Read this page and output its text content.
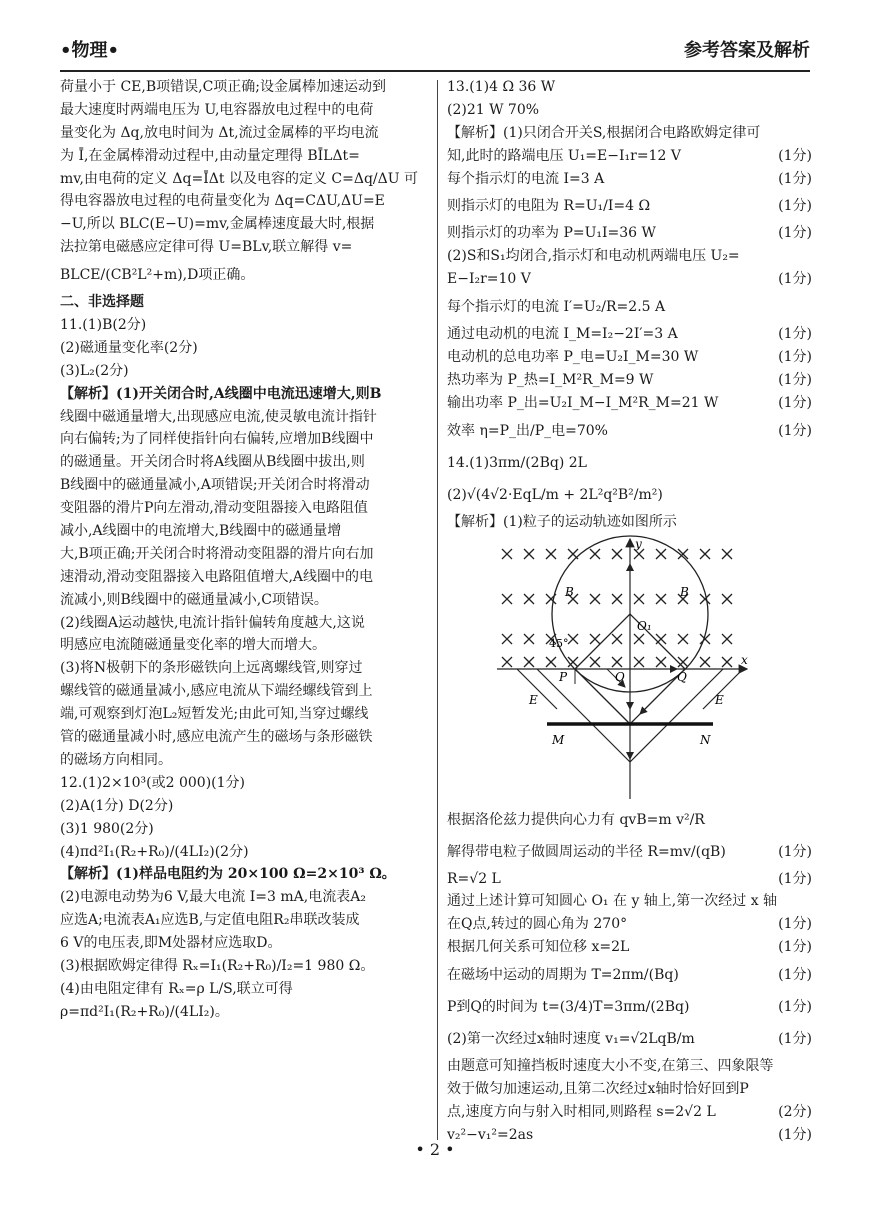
•物理•	参考答案及解析
荷量小于 CE,B项错误,C项正确;设金属棒加速运动到
最大速度时两端电压为 U,电容器放电过程中的电荷
量变化为 Δq,放电时间为 Δt,流过金属棒的平均电流
为 Ī,在金属棒滑动过程中,由动量定理得 BĪLΔt=
mv,由电荷的定义 Δq=ĪΔt 以及电容的定义 C=Δq/ΔU 可
得电容器放电过程的电荷量变化为 Δq=CΔU,ΔU=E
−U,所以 BLC(E−U)=mv,金属棒速度最大时,根据
法拉第电磁感应定律可得 U=BLv,联立解得 v=
BLCE/(CB²L²+m),D项正确。
二、非选择题
11.(1)B(2分)
(2)磁通量变化率(2分)
(3)L₂(2分)
【解析】(1)开关闭合时,A线圈中电流迅速增大,则B
线圈中磁通量增大,出现感应电流,使灵敏电流计指针
向右偏转;为了同样使指针向右偏转,应增加B线圈中
的磁通量。开关闭合时将A线圈从B线圈中拔出,则
B线圈中的磁通量减小,A项错误;开关闭合时将滑动
变阻器的滑片P向左滑动,滑动变阻器接入电路阻值
减小,A线圈中的电流增大,B线圈中的磁通量增
大,B项正确;开关闭合时将滑动变阻器的滑片向右加
速滑动,滑动变阻器接入电路阻值增大,A线圈中的电
流减小,则B线圈中的磁通量减小,C项错误。
(2)线圈A运动越快,电流计指针偏转角度越大,这说
明感应电流随磁通量变化率的增大而增大。
(3)将N极朝下的条形磁铁向上远离螺线管,则穿过
螺线管的磁通量减小,感应电流从下端经螺线管到上
端,可观察到灯泡L₂短暂发光;由此可知,当穿过螺线
管的磁通量减小时,感应电流产生的磁场与条形磁铁
的磁场方向相同。
12.(1)2×10³(或2 000)(1分)
(2)A(1分) D(2分)
(3)1 980(2分)
(4)πd²I₁(R₂+R₀)/(4LI₂)(2分)
【解析】(1)样品电阻约为 20×100 Ω=2×10³ Ω。
(2)电源电动势为6 V,最大电流 I=3 mA,电流表A₂
应选A;电流表A₁应选B,与定值电阻R₂串联改装成
6 V的电压表,即M处器材应选取D。
(3)根据欧姆定律得 Rₓ=I₁(R₂+R₀)/I₂=1 980 Ω。
(4)由电阻定律有 Rₓ=ρ L/S,联立可得
ρ=πd²I₁(R₂+R₀)/(4LI₂)。
13.(1)4 Ω 36 W
(2)21 W 70%
【解析】(1)只闭合开关S,根据闭合电路欧姆定律可
知,此时的路端电压 U₁=E−I₁r=12 V	(1分)
每个指示灯的电流 I=3 A	(1分)
则指示灯的电阻为 R=U₁/I=4 Ω	(1分)
则指示灯的功率为 P=U₁I=36 W	(1分)
(2)S和S₁均闭合,指示灯和电动机两端电压 U₂=
E−I₂r=10 V	(1分)
每个指示灯的电流 I′=U₂/R=2.5 A
通过电动机的电流 I_M=I₂−2I′=3 A	(1分)
电动机的总电功率 P_电=U₂I_M=30 W	(1分)
热功率为 P_热=I_M²R_M=9 W	(1分)
输出功率 P_出=U₂I_M−I_M²R_M=21 W	(1分)
效率 η=P_出/P_电=70%	(1分)
14.(1)3πm/(2Bq) 2L
(2)√(4√2·EqL/m + 2L²q²B²/m²)
【解析】(1)粒子的运动轨迹如图所示
y
x
B	B
45°
O₁
P	O	Q
E	E
M	N
根据洛伦兹力提供向心力有 qvB=m v²/R
解得带电粒子做圆周运动的半径 R=mv/(qB)	(1分)
R=√2 L	(1分)
通过上述计算可知圆心 O₁ 在 y 轴上,第一次经过 x 轴
在Q点,转过的圆心角为 270°	(1分)
根据几何关系可知位移 x=2L	(1分)
在磁场中运动的周期为 T=2πm/(Bq)	(1分)
P到Q的时间为 t=(3/4)T=3πm/(2Bq)	(1分)
(2)第一次经过x轴时速度 v₁=√2LqB/m	(1分)
由题意可知撞挡板时速度大小不变,在第三、四象限等
效于做匀加速运动,且第二次经过x轴时恰好回到P
点,速度方向与射入时相同,则路程 s=2√2 L	(2分)
v₂²−v₁²=2as	(1分)
• 2 •
